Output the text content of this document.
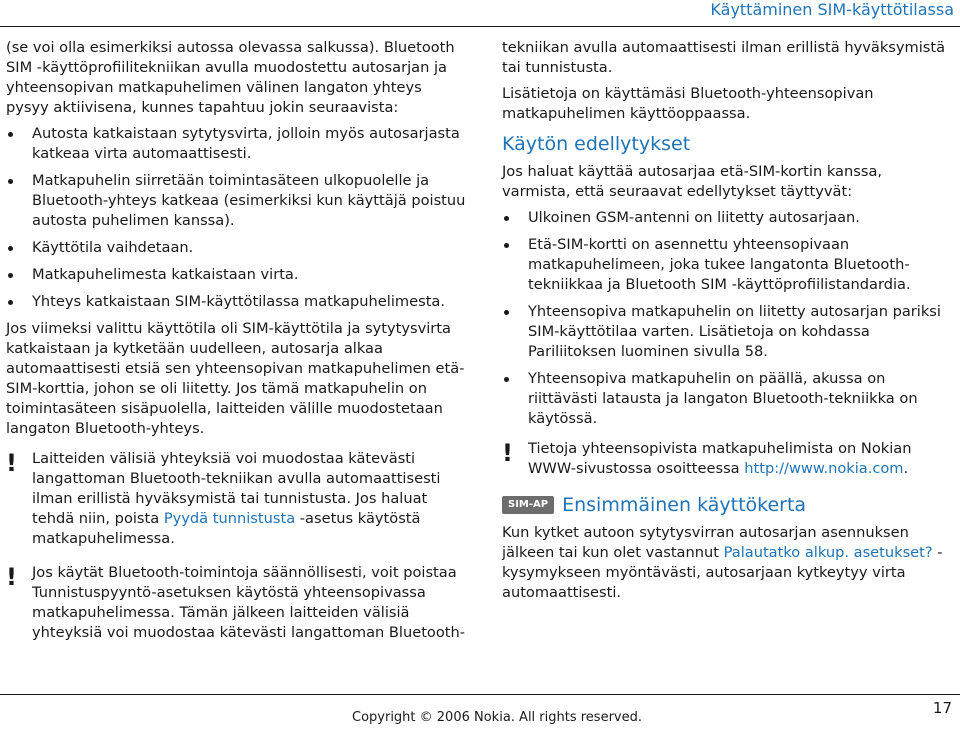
Käyttäminen SIM-käyttötilassa

(se voi olla esimerkiksi autossa olevassa salkussa). Bluetooth SIM -käyttöprofiilitekniikan avulla muodostettu autosarjan ja yhteensopivan matkapuhelimen välinen langaton yhteys pysyy aktiivisena, kunnes tapahtuu jokin seuraavista:

Autosta katkaistaan sytytysvirta, jolloin myös autosarjasta katkeaa virta automaattisesti.
Matkapuhelin siirretään toimintasäteen ulkopuolelle ja Bluetooth-yhteys katkeaa (esimerkiksi kun käyttäjä poistuu autosta puhelimen kanssa).
Käyttötila vaihdetaan.
Matkapuhelimesta katkaistaan virta.
Yhteys katkaistaan SIM-käyttötilassa matkapuhelimesta.

Jos viimeksi valittu käyttötila oli SIM-käyttötila ja sytytysvirta katkaistaan ja kytketään uudelleen, autosarja alkaa automaattisesti etsiä sen yhteensopivan matkapuhelimen etä-SIM-korttia, johon se oli liitetty. Jos tämä matkapuhelin on toimintasäteen sisäpuolella, laitteiden välille muodostetaan langaton Bluetooth-yhteys.

! Laitteiden välisiä yhteyksiä voi muodostaa kätevästi langattoman Bluetooth-tekniikan avulla automaattisesti ilman erillistä hyväksymistä tai tunnistusta. Jos haluat tehdä niin, poista Pyydä tunnistusta -asetus käytöstä matkapuhelimessa.
! Jos käytät Bluetooth-toimintoja säännöllisesti, voit poistaa Tunnistuspyyntö-asetuksen käytöstä yhteensopivassa matkapuhelimessa. Tämän jälkeen laitteiden välisiä yhteyksiä voi muodostaa kätevästi langattoman Bluetooth-

tekniikan avulla automaattisesti ilman erillistä hyväksymistä tai tunnistusta.

Lisätietoja on käyttämäsi Bluetooth-yhteensopivan matkapuhelimen käyttöoppaassa.

Käytön edellytykset

Jos haluat käyttää autosarjaa etä-SIM-kortin kanssa, varmista, että seuraavat edellytykset täyttyvät:

Ulkoinen GSM-antenni on liitetty autosarjaan.
Etä-SIM-kortti on asennettu yhteensopivaan matkapuhelimeen, joka tukee langatonta Bluetooth-tekniikkaa ja Bluetooth SIM -käyttöprofiilistandardia.
Yhteensopiva matkapuhelin on liitetty autosarjan pariksi SIM-käyttötilaa varten. Lisätietoja on kohdassa Pariliitoksen luominen sivulla 58.
Yhteensopiva matkapuhelin on päällä, akussa on riittävästi latausta ja langaton Bluetooth-tekniikka on käytössä.
! Tietoja yhteensopivista matkapuhelimista on Nokian WWW-sivustossa osoitteessa http://www.nokia.com.
SIM-AP Ensimmäinen käyttökerta

Kun kytket autoon sytytysvirran autosarjan asennuksen jälkeen tai kun olet vastannut Palautatko alkup. asetukset? -kysymykseen myöntävästi, autosarjaan kytkeytyy virta automaattisesti.

Copyright © 2006 Nokia. All rights reserved.
17
